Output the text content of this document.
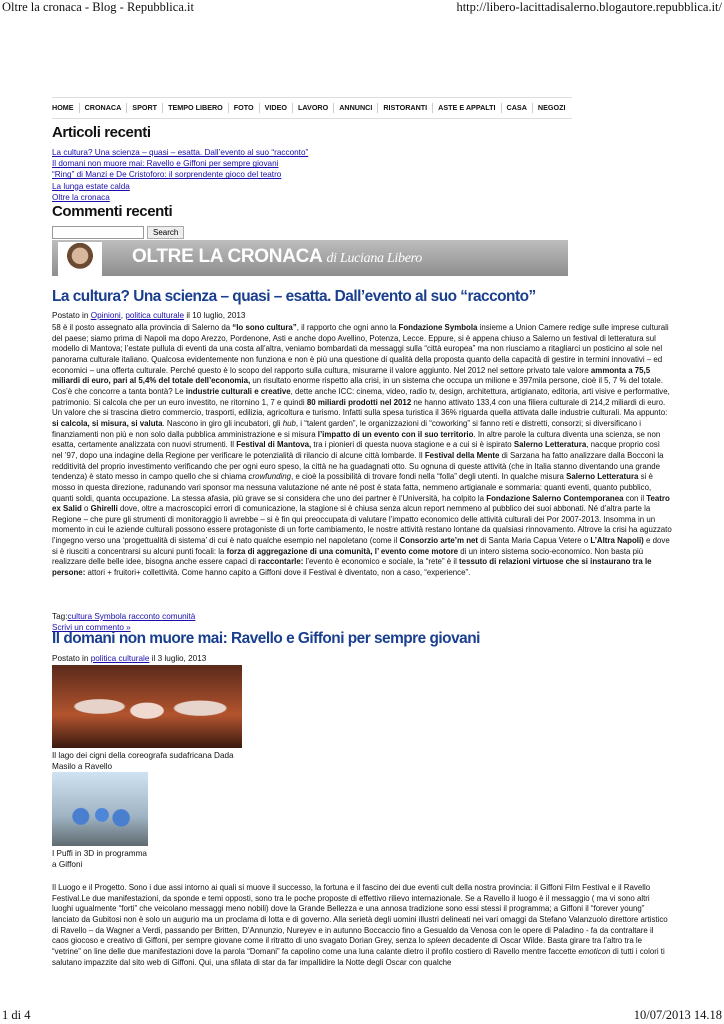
Oltre la cronaca - Blog - Repubblica.it	http://libero-lacittadisalerno.blogautore.repubblica.it/
HOME	CRONACA	SPORT	TEMPO LIBERO	FOTO	VIDEO	LAVORO	ANNUNCI	RISTORANTI	ASTE E APPALTI	CASA	NEGOZI
Articoli recenti
La cultura? Una scienza – quasi – esatta. Dall’evento al suo “racconto”
Il domani non muore mai: Ravello e Giffoni per sempre giovani
“Ring” di Manzi e De Cristoforo: il sorprendente gioco del teatro
La lunga estate calda
Oltre la cronaca
Commenti recenti
Search
OLTRE LA CRONACA di Luciana Libero
La cultura? Una scienza – quasi – esatta. Dall’evento al suo “racconto”
Postato in Opinioni, politica culturale il 10 luglio, 2013
58 è il posto assegnato alla provincia di Salerno da “Io sono cultura”, il rapporto che ogni anno la Fondazione Symbola insieme a Union Camere redige sulle imprese culturali del paese; siamo prima di Napoli ma dopo Arezzo, Pordenone, Asti e anche dopo Avellino, Potenza, Lecce. Eppure, si è appena chiuso a Salerno un festival di letteratura sul modello di Mantova; l’estate pullula di eventi da una costa all’altra, veniamo bombardati da messaggi sulla “città europea” ma non riusciamo a ritagliarci un posticino al sole nel panorama culturale italiano. Qualcosa evidentemente non funziona e non è più una questione di qualità della proposta quanto della capacità di gestire in termini innovativi – ed economici – una offerta culturale. Perché questo è lo scopo del rapporto sulla cultura, misurarne il valore aggiunto. Nel 2012 nel settore privato tale valore ammonta a 75,5 miliardi di euro, pari al 5,4% del totale dell’economia, un risultato enorme rispetto alla crisi, in un sistema che occupa un milione e 397mila persone, cioè il 5, 7 % del totale. Cos’è che concorre a tanta bontà? Le industrie culturali e creative, dette anche ICC: cinema, video, radio tv, design, architettura, artigianato, editoria, arti visive e performative, patrimonio. Si calcola che per un euro investito, ne ritornino 1, 7 e quindi 80 miliardi prodotti nel 2012 ne hanno attivato 133,4 con una filiera culturale di 214,2 miliardi di euro. Un valore che si trascina dietro commercio, trasporti, edilizia, agricoltura e turismo. Infatti sulla spesa turistica il 36% riguarda quella attivata dalle industrie culturali. Ma appunto: si calcola, si misura, si valuta. Nascono in giro gli incubatori, gli hub, i “talent garden”, le organizzazioni di “coworking” si fanno reti e distretti, consorzi; si diversificano i finanziamenti non più e non solo dalla pubblica amministrazione e si misura l’impatto di un evento con il suo territorio. In altre parole la cultura diventa una scienza, se non esatta, certamente analizzata con nuovi strumenti. Il Festival di Mantova, tra i pionieri di questa nuova stagione e a cui si è ispirato Salerno Letteratura, nacque proprio così nel ’97, dopo una indagine della Regione per verificare le potenzialità di rilancio di alcune città lombarde. Il Festival della Mente di Sarzana ha fatto analizzare dalla Bocconi la redditività del proprio investimento verificando che per ogni euro speso, la città ne ha guadagnati otto. Su ognuna di queste attività (che in Italia stanno diventando una grande tendenza) è stato messo in campo quello che si chiama crowfunding, e cioè la possibilità di trovare fondi nella “folla” degli utenti. In qualche misura Salerno Letteratura si è mosso in questa direzione, radunando vari sponsor ma nessuna valutazione né ante né post è stata fatta, nemmeno artigianale e sommaria: quanti eventi, quanto pubblico, quanti soldi, quanta occupazione. La stessa afasia, più grave se si considera che uno dei partner è l’Università, ha colpito la Fondazione Salerno Contemporanea con il Teatro ex Salid o Ghirelli dove, oltre a macroscopici errori di comunicazione, la stagione si è chiusa senza alcun report nemmeno al pubblico dei suoi abbonati. Né d’altra parte la Regione – che pure gli strumenti di monitoraggio li avrebbe – si è fin qui preoccupata di valutare l’impatto economico delle attività culturali dei Por 2007-2013. Insomma in un momento in cui le aziende culturali possono essere protagoniste di un forte cambiamento, le nostre attività restano lontane da qualsiasi rinnovamento. Altrove la crisi ha aguzzato l’ingegno verso una ‘progettualità di sistema’ di cui è nato qualche esempio nel napoletano (come il Consorzio arte’m net di Santa Maria Capua Vetere o L’Altra Napoli) e dove si è riusciti a concentrarsi su alcuni punti focali: la forza di aggregazione di una comunità, l’ evento come motore di un intero sistema socio-economico. Non basta più realizzare delle belle idee, bisogna anche essere capaci di raccontarle: l’evento è economico e sociale, la “rete” è il tessuto di relazioni virtuose che si instaurano tra le persone: attori + fruitori+ collettività. Come hanno capito a Giffoni dove il Festival è diventato, non a caso, “experience”.
Tag:cultura Symbola racconto comunità
Scrivi un commento »
Il domani non muore mai: Ravello e Giffoni per sempre giovani
Postato in politica culturale il 3 luglio, 2013
Il lago dei cigni della coreografa sudafricana Dada
Masilo a Ravello
I Puffi in 3D in programma
a Giffoni
Il Luogo e il Progetto. Sono i due assi intorno ai quali si muove il successo, la fortuna e il fascino dei due eventi cult della nostra provincia: il Giffoni Film Festival e il Ravello Festival.Le due manifestazioni, da sponde e temi opposti, sono tra le poche proposte di effettivo rilievo internazionale. Se a Ravello il luogo è il messaggio ( ma vi sono altri luoghi ugualmente “forti” che veicolano messaggi meno nobili) dove la Grande Bellezza e una annosa tradizione sono essi stessi il programma; a Giffoni il “forever young” lanciato da Gubitosi non è solo un augurio ma un proclama di lotta e di governo. Alla serietà degli uomini illustri delineati nei vari omaggi da Stefano Valanzuolo direttore artistico di Ravello – da Wagner a Verdi, passando per Britten, D’Annunzio, Nureyev e in autunno Boccaccio fino a Gesualdo da Venosa con le opere di Paladino - fa da contraltare il caos giocoso e creativo di Giffoni, per sempre giovane come il ritratto di uno svagato Dorian Grey, senza lo spleen decadente di Oscar Wilde. Basta girare tra l’altro tra le “vetrine” on line delle due manifestazioni dove la parola “Domani” fa capolino come una luna calante dietro il profilo costiero di Ravello mentre faccette emoticon di tutti i colori ti salutano impazzite dal sito web di Giffoni. Qui, una sfilata di star da far impallidire la Notte degli Oscar con qualche
1 di 4	10/07/2013 14.18
